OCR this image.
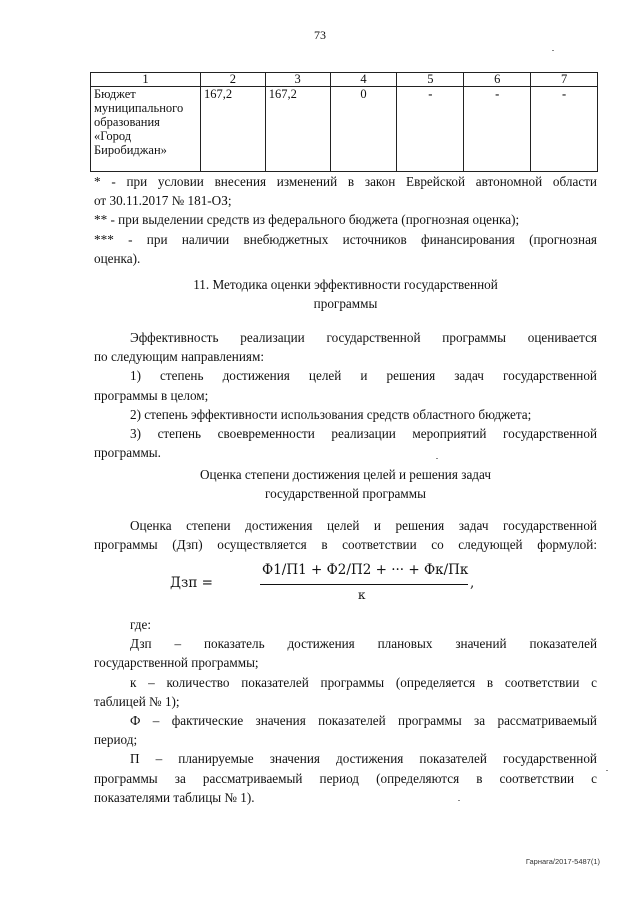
73
1	2	3	4	5	6	7
Бюджет муниципального образования «Город Биробиджан»	167,2	167,2	0	-	-	-
* - при условии внесения изменений в закон Еврейской автономной области
от 30.11.2017 № 181-ОЗ;
** - при выделении средств из федерального бюджета (прогнозная оценка);
*** - при наличии внебюджетных источников финансирования (прогнозная
оценка).
11. Методика оценки эффективности государственной
программы
Эффективность реализации государственной программы оценивается
по следующим направлениям:
1) степень достижения целей и решения задач государственной
программы в целом;
2) степень эффективности использования средств областного бюджета;
3) степень своевременности реализации мероприятий государственной
программы.
Оценка степени достижения целей и решения задач
государственной программы
Оценка степени достижения целей и решения задач государственной
программы (Дзп) осуществляется в соответствии со следующей формулой:
Дзп =
Ф1/П1 + Ф2/П2 + ··· + Фк/Пк
к
,
где:
Дзп – показатель достижения плановых значений показателей
государственной программы;
к – количество показателей программы (определяется в соответствии с
таблицей № 1);
Ф – фактические значения показателей программы за рассматриваемый
период;
П – планируемые значения достижения показателей государственной
программы за рассматриваемый период (определяются в соответствии с
показателями таблицы № 1).
Гарнага/2017-5487(1)
